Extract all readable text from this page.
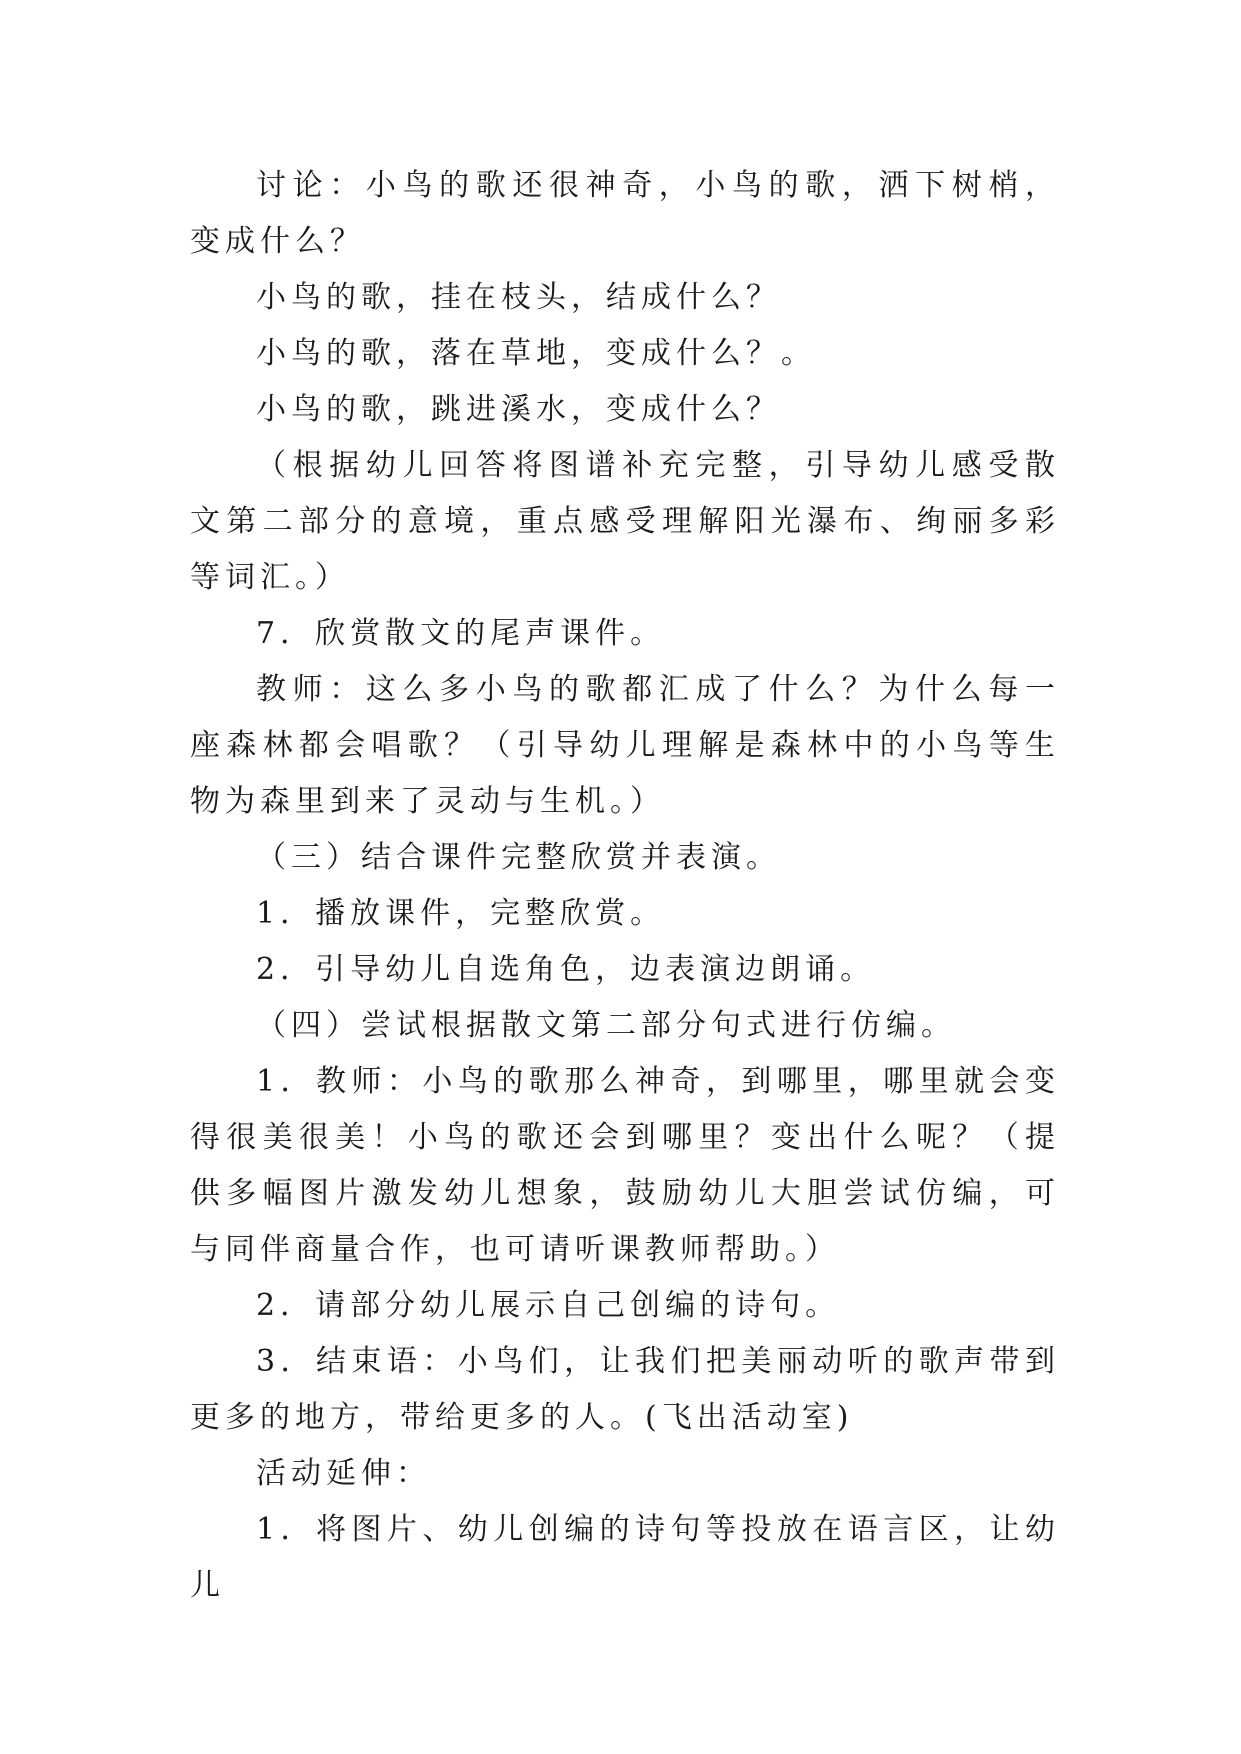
讨论：小鸟的歌还很神奇，小鸟的歌，洒下树梢，变成什么？

小鸟的歌，挂在枝头，结成什么？

小鸟的歌，落在草地，变成什么？。

小鸟的歌，跳进溪水，变成什么？

（根据幼儿回答将图谱补充完整，引导幼儿感受散文第二部分的意境，重点感受理解阳光瀑布、绚丽多彩等词汇。）

7．欣赏散文的尾声课件。

教师：这么多小鸟的歌都汇成了什么？为什么每一座森林都会唱歌？（引导幼儿理解是森林中的小鸟等生物为森里到来了灵动与生机。）

（三）结合课件完整欣赏并表演。

1．播放课件，完整欣赏。

2．引导幼儿自选角色，边表演边朗诵。

（四）尝试根据散文第二部分句式进行仿编。

1．教师：小鸟的歌那么神奇，到哪里，哪里就会变得很美很美！小鸟的歌还会到哪里？变出什么呢？（提供多幅图片激发幼儿想象，鼓励幼儿大胆尝试仿编，可与同伴商量合作，也可请听课教师帮助。）

2．请部分幼儿展示自己创编的诗句。

3．结束语：小鸟们，让我们把美丽动听的歌声带到更多的地方，带给更多的人。(飞出活动室)

活动延伸：

1．将图片、幼儿创编的诗句等投放在语言区，让幼儿
